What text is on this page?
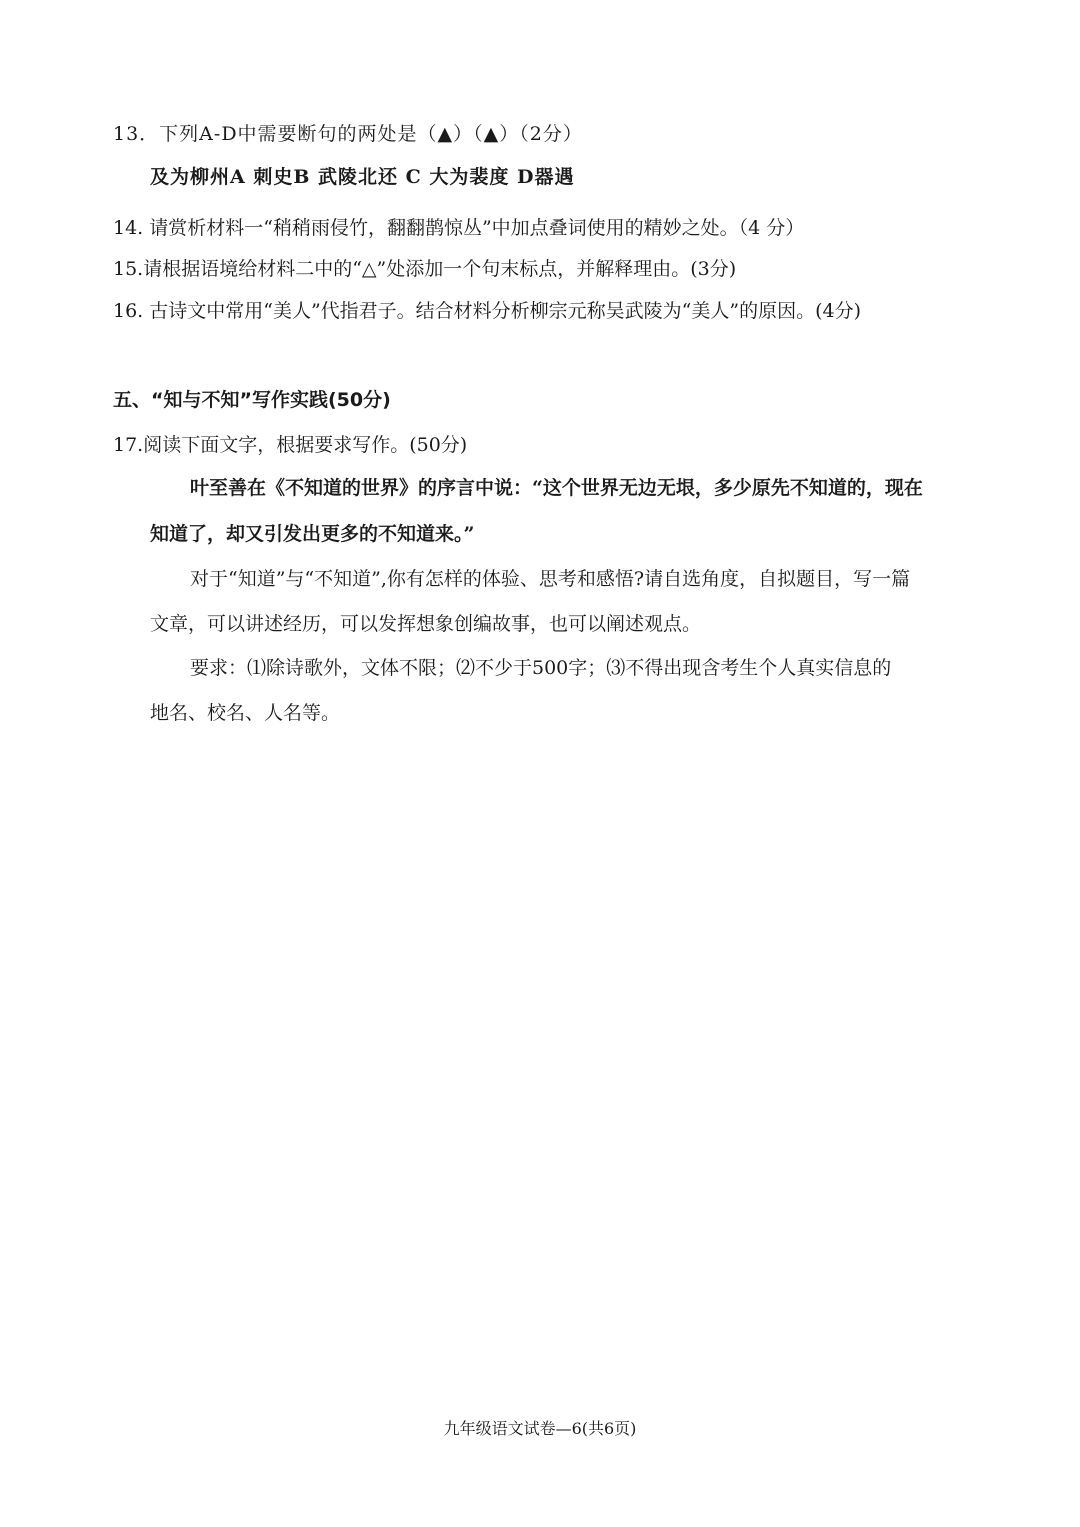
13．下列A-D中需要断句的两处是（▲）（▲）（2分）
及为柳州A 刺史B 武陵北还 C 大为裴度 D器遇
14. 请赏析材料一“稍稍雨侵竹，翻翻鹊惊丛”中加点叠词使用的精妙之处。（4 分）
15.请根据语境给材料二中的“△”处添加一个句末标点，并解释理由。(3分)
16. 古诗文中常用“美人”代指君子。结合材料分析柳宗元称吴武陵为“美人”的原因。(4分)
五、“知与不知”写作实践(50分)
17.阅读下面文字，根据要求写作。(50分)
叶至善在《不知道的世界》的序言中说：“这个世界无边无垠，多少原先不知道的，现在
知道了，却又引发出更多的不知道来。”
对于“知道”与“不知道”,你有怎样的体验、思考和感悟?请自选角度，自拟题目，写一篇
文章，可以讲述经历，可以发挥想象创编故事，也可以阐述观点。
要求：⑴除诗歌外，文体不限；⑵不少于500字；⑶不得出现含考生个人真实信息的
地名、校名、人名等。
九年级语文试卷—6(共6页)
